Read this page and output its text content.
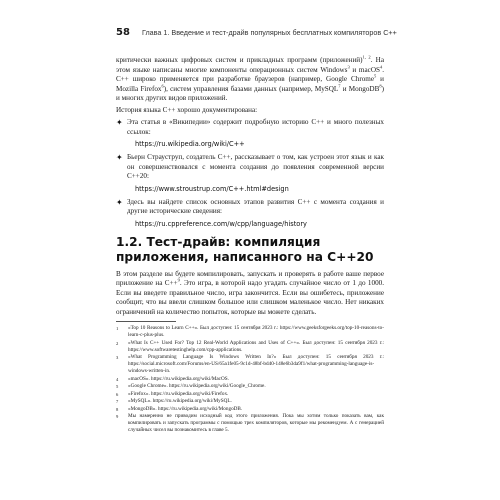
58 Глава 1. Введение и тест-драйв популярных бесплатных компиляторов C++

критически важных цифровых систем и прикладных программ (приложений)$^{1, 2}$. На этом языке написаны многие компоненты операционных систем Windows$^3$ и macOS$^4$. C++ широко применяется при разработке браузеров (например, Google Chrome$^5$ и Mozilla Firefox$^6$), систем управления базами данных (например, MySQL$^7$ и MongoDB$^8$) и многих других видов приложений.

История языка C++ хорошо документирована:

✦ Эта статья в «Википедии» содержит подробную историю C++ и много полезных ссылок:

https://ru.wikipedia.org/wiki/C++
✦ Бьерн Страуструп, создатель C++, рассказывает о том, как устроен этот язык и как он совершенствовался с момента создания до появления современной версии C++20:

https://www.stroustrup.com/C++.html#design
✦ Здесь вы найдете список основных этапов развития C++ с момента создания и другие исторические сведения:

https://ru.cppreference.com/w/cpp/language/history
1.2. Тест-драйв: компиляция приложения, написанного на C++20

В этом разделе вы будете компилировать, запускать и проверять в работе ваше первое приложение на C++$^9$. Это игра, в которой надо угадать случайное число от 1 до 1000. Если вы введете правильное число, игра закончится. Если вы ошибетесь, приложение сообщит, что вы ввели слишком большое или слишком маленькое число. Нет никаких ограничений на количество попыток, которые вы можете сделать.

1 «Top 10 Reasons to Learn C++». Был доступен: 15 сентября 2023 г.: https://www.geeksforgeeks.org/top-10-reasons-to-learn-c-plus-plus.
2 «What Is C++ Used For? Top 12 Real-World Applications and Uses of C++». Был доступен: 15 сентября 2023 г.: https://www.softwaretestinghelp.com/cpp-applications.
3 «What Programming Language Is Windows Written In?» Был доступен: 15 сентября 2023 г.: https://social.microsoft.com/Forums/en-US/65a1fe05-9c1d-48bf-bd40-148e6b3da9f1/what-programming-language-is-windows-written-in.
4 «macOS». https://ru.wikipedia.org/wiki/MacOS.
5 «Google Chrome». https://ru.wikipedia.org/wiki/Google_Chrome.
6 «Firefox». https://ru.wikipedia.org/wiki/Firefox.
7 «MySQL». https://ru.wikipedia.org/wiki/MySQL.
8 «MongoDB». https://ru.wikipedia.org/wiki/MongoDB.
9 Мы намеренно не приводим исходный код этого приложения. Пока мы хотим только показать вам, как компилировать и запускать программы с помощью трех компиляторов, которые мы рекомендуем. А с генерацией случайных чисел вы познакомитесь в главе 5.
